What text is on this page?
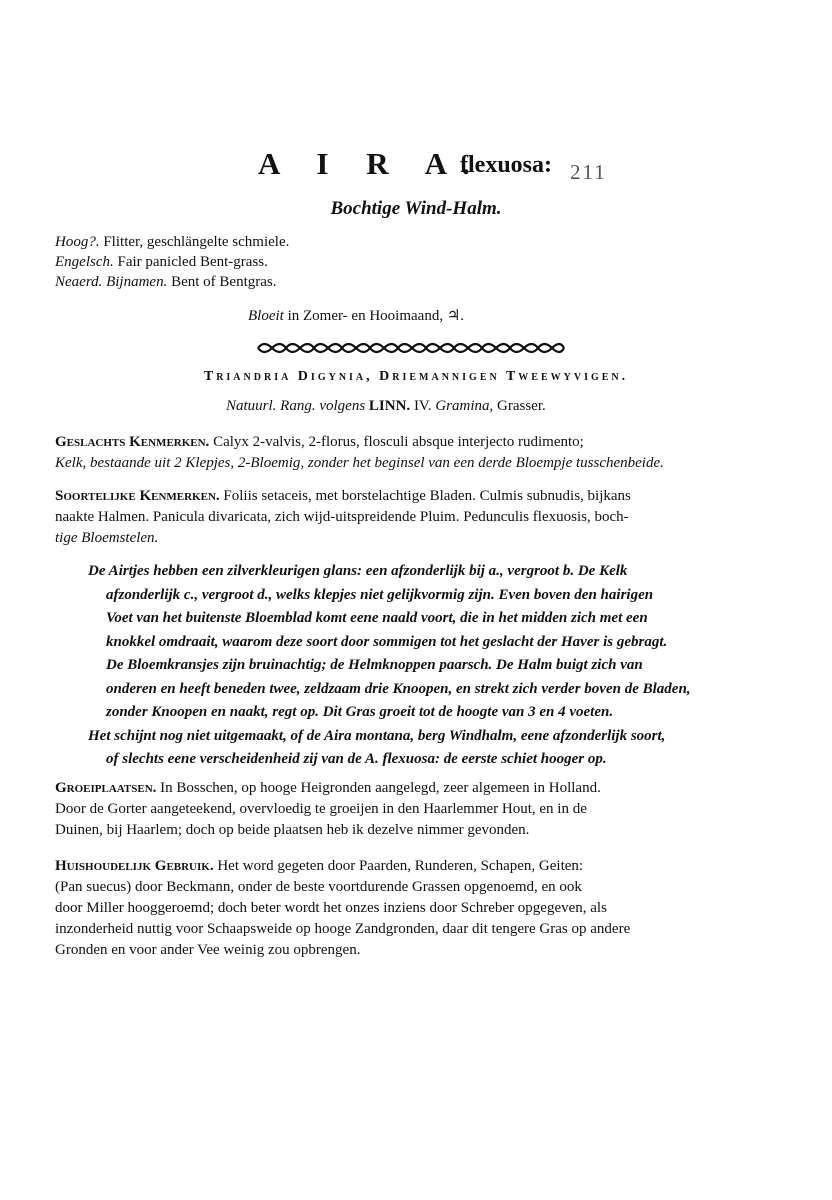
A I R A.
flexuosa: 211
Bochtige Wind-Halm.
Hoog?. Flitter, geschlängelte schmiele.
Engelsch. Fair panicled Bent-grass.
Neaerd. Bijnamen. Bent of Bentgras.
Bloeit in Zomer- en Hooimaand, ♃.
Triandria Digynia, Driemannigen Tweewyvigen.
Natuurl. Rang. volgens LINN. IV. Gramina, Grasser.
Geslachts Kenmerken. Calyx 2-valvis, 2-florus, flosculi absque interjecto rudimento;
Kelk, bestaande uit 2 Klepjes, 2-Bloemig, zonder het beginsel van een derde Bloempje tusschenbeide.
Soortelijke Kenmerken. Foliis setaceis, met borstelachtige Bladen. Culmis subnudis, bijkans
naakte Halmen. Panicula divaricata, zich wijd-uitspreidende Pluim. Pedunculis flexuosis, boch-
tige Bloemstelen.
De Airtjes hebben een zilverkleurigen glans: een afzonderlijk bij a., vergroot b. De Kelk
afzonderlijk c., vergroot d., welks klepjes niet gelijkvormig zijn. Even boven den hairigen
Voet van het buitenste Bloemblad komt eene naald voort, die in het midden zich met een
knokkel omdraait, waarom deze soort door sommigen tot het geslacht der Haver is gebragt.
De Bloemkransjes zijn bruinachtig; de Helmknoppen paarsch. De Halm buigt zich van
onderen en heeft beneden twee, zeldzaam drie Knoopen, en strekt zich verder boven de Bladen,
zonder Knoopen en naakt, regt op. Dit Gras groeit tot de hoogte van 3 en 4 voeten.
Het schijnt nog niet uitgemaakt, of de Aira montana, berg Windhalm, eene afzonderlijk soort,
of slechts eene verscheidenheid zij van de A. flexuosa: de eerste schiet hooger op.
Groeiplaatsen. In Bosschen, op hooge Heigronden aangelegd, zeer algemeen in Holland.
Door de Gorter aangeteekend, overvloedig te groeijen in den Haarlemmer Hout, en in de
Duinen, bij Haarlem; doch op beide plaatsen heb ik dezelve nimmer gevonden.
Huishoudelijk Gebruik. Het word gegeten door Paarden, Runderen, Schapen, Geiten:
(Pan suecus) door Beckmann, onder de beste voortdurende Grassen opgenoemd, en ook
door Miller hooggeroemd; doch beter wordt het onzes inziens door Schreber opgegeven, als
inzonderheid nuttig voor Schaapsweide op hooge Zandgronden, daar dit tengere Gras op andere
Gronden en voor ander Vee weinig zou opbrengen.
